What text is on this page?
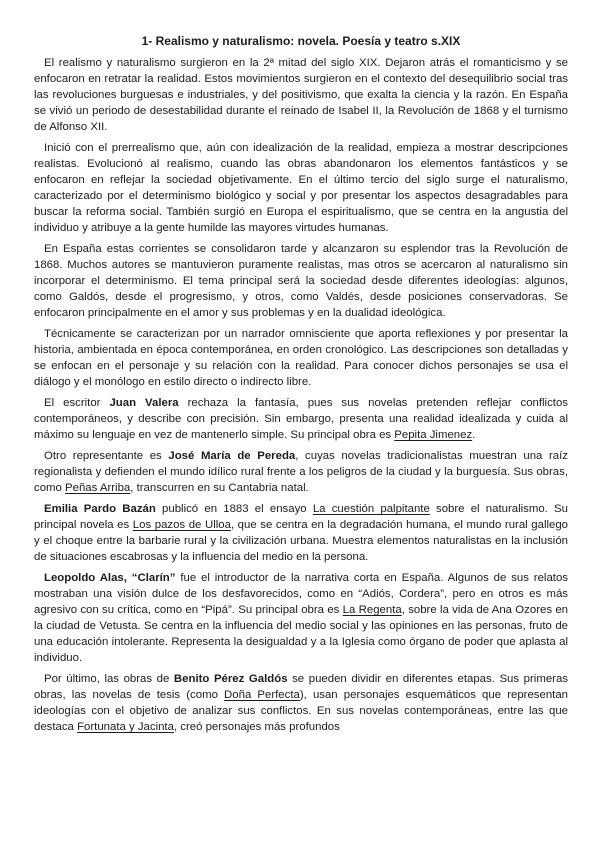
1- Realismo y naturalismo: novela. Poesía y teatro s.XIX

El realismo y naturalismo surgieron en la 2ª mitad del siglo XIX. Dejaron atrás el romanticismo y se enfocaron en retratar la realidad. Estos movimientos surgieron en el contexto del desequilibrio social tras las revoluciones burguesas e industriales, y del positivismo, que exalta la ciencia y la razón. En España se vivió un periodo de desestabilidad durante el reinado de Isabel II, la Revolución de 1868 y el turnismo de Alfonso XII.

Inició con el prerrealismo que, aún con idealización de la realidad, empieza a mostrar descripciones realistas. Evolucionó al realismo, cuando las obras abandonaron los elementos fantásticos y se enfocaron en reflejar la sociedad objetivamente. En el último tercio del siglo surge el naturalismo, caracterizado por el determinismo biológico y social y por presentar los aspectos desagradables para buscar la reforma social. También surgió en Europa el espiritualismo, que se centra en la angustia del individuo y atribuye a la gente humilde las mayores virtudes humanas.

En España estas corrientes se consolidaron tarde y alcanzaron su esplendor tras la Revolución de 1868. Muchos autores se mantuvieron puramente realistas, mas otros se acercaron al naturalismo sin incorporar el determinismo. El tema principal será la sociedad desde diferentes ideologías: algunos, como Galdós, desde el progresismo, y otros, como Valdés, desde posiciones conservadoras. Se enfocaron principalmente en el amor y sus problemas y en la dualidad ideológica.

Técnicamente se caracterizan por un narrador omnisciente que aporta reflexiones y por presentar la historia, ambientada en época contemporánea, en orden cronológico. Las descripciones son detalladas y se enfocan en el personaje y su relación con la realidad. Para conocer dichos personajes se usa el diálogo y el monólogo en estilo directo o indirecto libre.

El escritor Juan Valera rechaza la fantasía, pues sus novelas pretenden reflejar conflictos contemporáneos, y describe con precisión. Sin embargo, presenta una realidad idealizada y cuida al máximo su lenguaje en vez de mantenerlo simple. Su principal obra es Pepita Jimenez.

Otro representante es José María de Pereda, cuyas novelas tradicionalistas muestran una raíz regionalista y defienden el mundo idílico rural frente a los peligros de la ciudad y la burguesía. Sus obras, como Peñas Arriba, transcurren en su Cantabria natal.

Emilia Pardo Bazán publicó en 1883 el ensayo La cuestión palpitante sobre el naturalismo. Su principal novela es Los pazos de Ulloa, que se centra en la degradación humana, el mundo rural gallego y el choque entre la barbarie rural y la civilización urbana. Muestra elementos naturalistas en la inclusión de situaciones escabrosas y la influencia del medio en la persona.

Leopoldo Alas, “Clarín” fue el introductor de la narrativa corta en España. Algunos de sus relatos mostraban una visión dulce de los desfavorecidos, como en “Adiós, Cordera”, pero en otros es más agresivo con su crítica, como en “Pipá”. Su principal obra es La Regenta, sobre la vida de Ana Ozores en la ciudad de Vetusta. Se centra en la influencia del medio social y las opiniones en las personas, fruto de una educación intolerante. Representa la desigualdad y a la Iglesia como órgano de poder que aplasta al individuo.

Por último, las obras de Benito Pérez Galdós se pueden dividir en diferentes etapas. Sus primeras obras, las novelas de tesis (como Doña Perfecta), usan personajes esquemáticos que representan ideologías con el objetivo de analizar sus conflictos. En sus novelas contemporáneas, entre las que destaca Fortunata y Jacinta, creó personajes más profundos
